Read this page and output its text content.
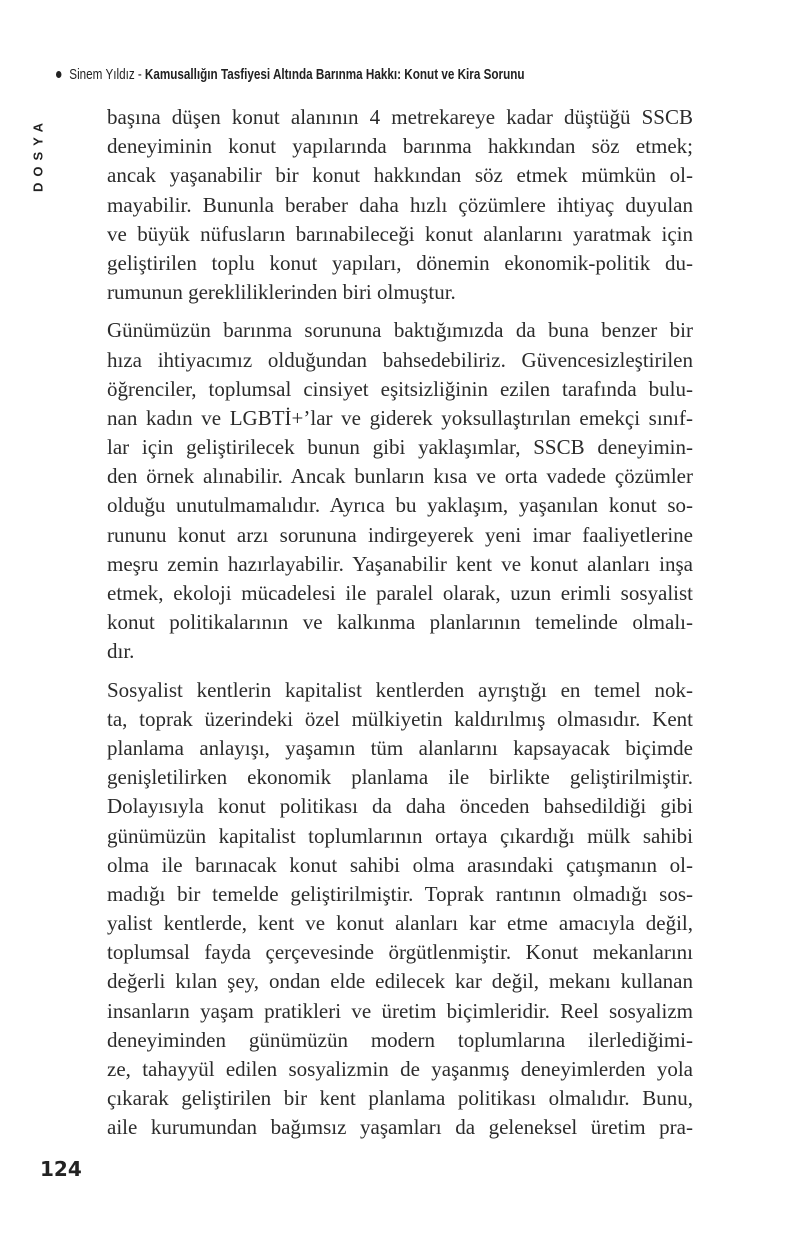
Sinem Yıldız - Kamusallığın Tasfiyesi Altında Barınma Hakkı: Konut ve Kira Sorunu
DOSYA	başına düşen konut alanının 4 metrekareye kadar düştüğü SSCB
deneyiminin konut yapılarında barınma hakkından söz etmek;
ancak yaşanabilir bir konut hakkından söz etmek mümkün ol-
mayabilir. Bununla beraber daha hızlı çözümlere ihtiyaç duyulan
ve büyük nüfusların barınabileceği konut alanlarını yaratmak için
geliştirilen toplu konut yapıları, dönemin ekonomik-politik du-
rumunun gerekliliklerinden biri olmuştur.

Günümüzün barınma sorununa baktığımızda da buna benzer bir
hıza ihtiyacımız olduğundan bahsedebiliriz. Güvencesizleştirilen
öğrenciler, toplumsal cinsiyet eşitsizliğinin ezilen tarafında bulu-
nan kadın ve LGBTİ+’lar ve giderek yoksullaştırılan emekçi sınıf-
lar için geliştirilecek bunun gibi yaklaşımlar, SSCB deneyimin-
den örnek alınabilir. Ancak bunların kısa ve orta vadede çözümler
olduğu unutulmamalıdır. Ayrıca bu yaklaşım, yaşanılan konut so-
rununu konut arzı sorununa indirgeyerek yeni imar faaliyetlerine
meşru zemin hazırlayabilir. Yaşanabilir kent ve konut alanları inşa
etmek, ekoloji mücadelesi ile paralel olarak, uzun erimli sosyalist
konut politikalarının ve kalkınma planlarının temelinde olmalı-
dır.

Sosyalist kentlerin kapitalist kentlerden ayrıştığı en temel nok-
ta, toprak üzerindeki özel mülkiyetin kaldırılmış olmasıdır. Kent
planlama anlayışı, yaşamın tüm alanlarını kapsayacak biçimde
genişletilirken ekonomik planlama ile birlikte geliştirilmiştir.
Dolayısıyla konut politikası da daha önceden bahsedildiği gibi
günümüzün kapitalist toplumlarının ortaya çıkardığı mülk sahibi
olma ile barınacak konut sahibi olma arasındaki çatışmanın ol-
madığı bir temelde geliştirilmiştir. Toprak rantının olmadığı sos-
yalist kentlerde, kent ve konut alanları kar etme amacıyla değil,
toplumsal fayda çerçevesinde örgütlenmiştir. Konut mekanlarını
değerli kılan şey, ondan elde edilecek kar değil, mekanı kullanan
insanların yaşam pratikleri ve üretim biçimleridir. Reel sosyalizm
deneyiminden günümüzün modern toplumlarına ilerlediğimi-
ze, tahayyül edilen sosyalizmin de yaşanmış deneyimlerden yola
çıkarak geliştirilen bir kent planlama politikası olmalıdır. Bunu,
aile kurumundan bağımsız yaşamları da geleneksel üretim pra-

124
